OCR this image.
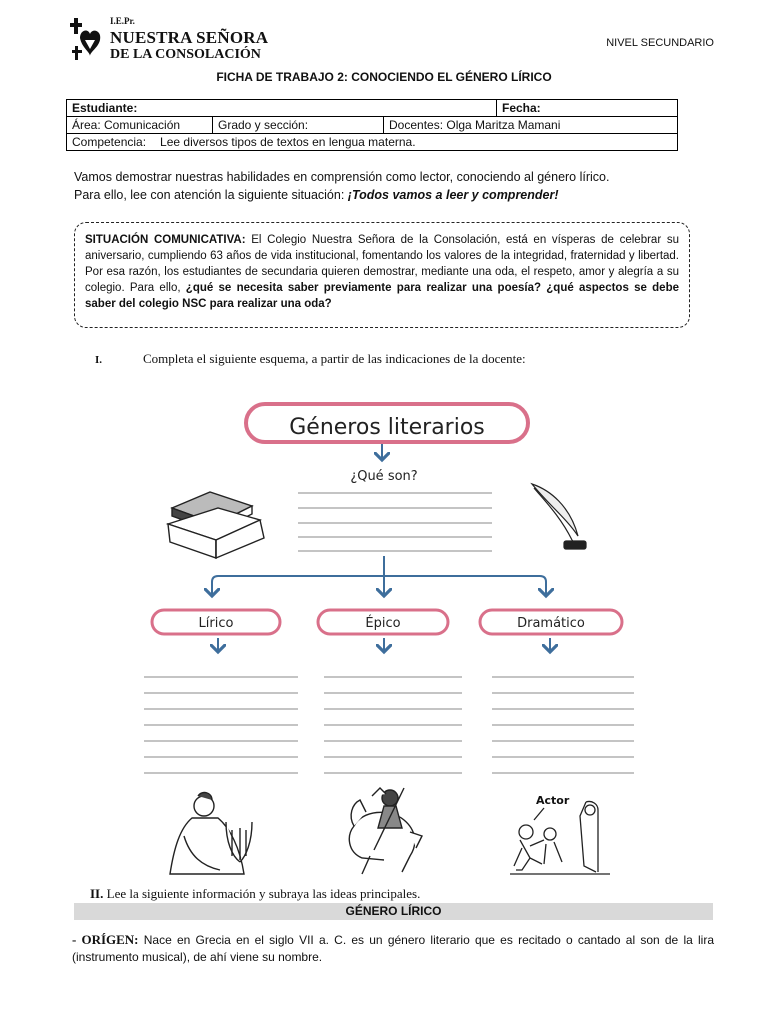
I.E.Pr.
NUESTRA SEÑORA
DE LA CONSOLACIÓN
NIVEL SECUNDARIO
FICHA DE TRABAJO 2: CONOCIENDO EL GÉNERO LÍRICO
Estudiante:			Fecha:
Área: Comunicación	Grado y sección:	Docentes: Olga Maritza Mamani	
Competencia: Lee diversos tipos de textos en lengua materna.			
Vamos demostrar nuestras habilidades en comprensión como lector, conociendo al género lírico.
Para ello, lee con atención la siguiente situación: ¡Todos vamos a leer y comprender!
SITUACIÓN COMUNICATIVA: El Colegio Nuestra Señora de la Consolación, está en vísperas de celebrar su aniversario, cumpliendo 63 años de vida institucional, fomentando los valores de la integridad, fraternidad y libertad. Por esa razón, los estudiantes de secundaria quieren demostrar, mediante una oda, el respeto, amor y alegría a su colegio. Para ello, ¿qué se necesita saber previamente para realizar una poesía? ¿qué aspectos se debe saber del colegio NSC para realizar una oda?
I.	Completa el siguiente esquema, a partir de las indicaciones de la docente:
Géneros literarios
¿Qué son?
Lírico	Épico	Dramático
Actor
II. Lee la siguiente información y subraya las ideas principales.
GÉNERO LÍRICO
- ORÍGEN: Nace en Grecia en el siglo VII a. C. es un género literario que es recitado o cantado al son de la lira (instrumento musical), de ahí viene su nombre.
